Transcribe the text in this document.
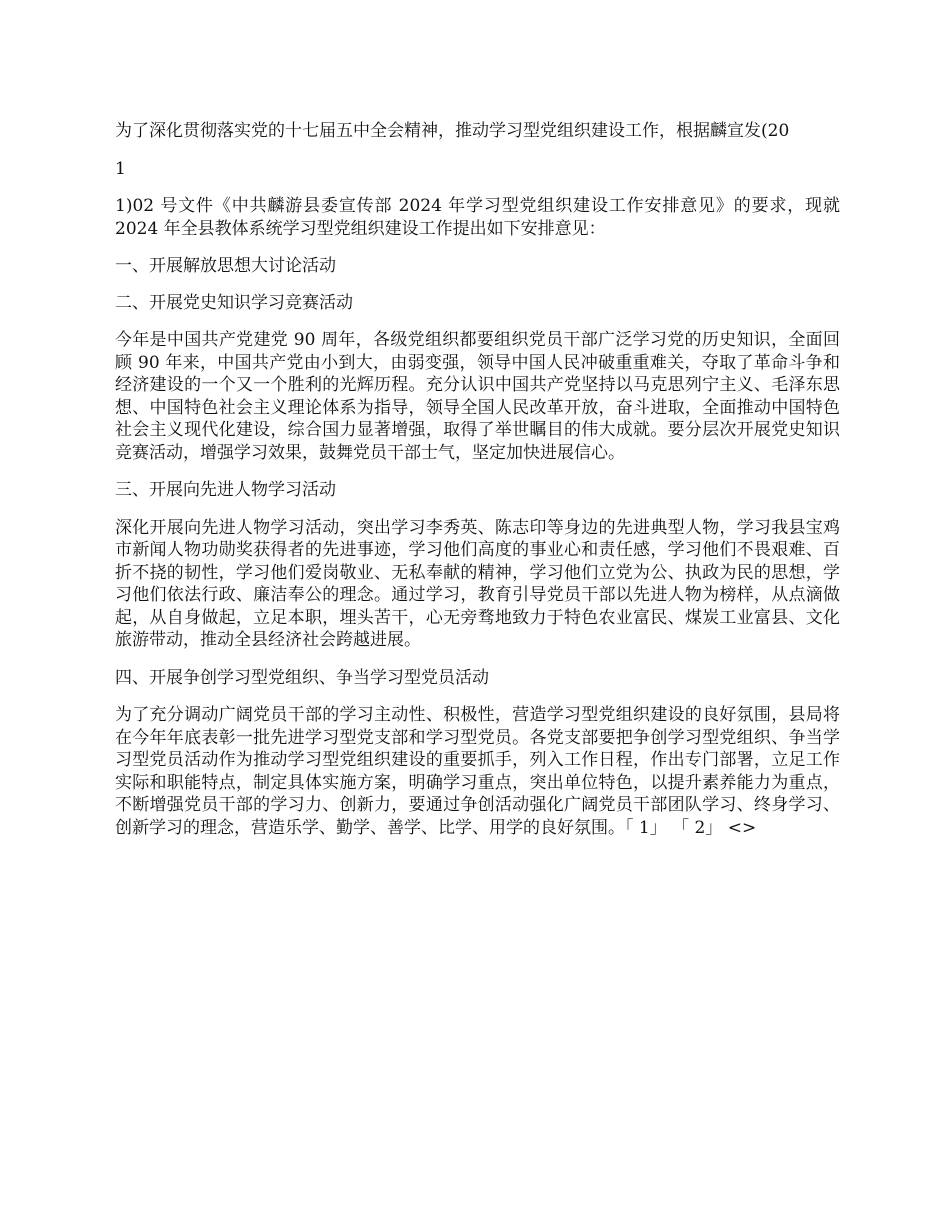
为了深化贯彻落实党的十七届五中全会精神，推动学习型党组织建设工作，根据麟宣发(20

1

1)02 号文件《中共麟游县委宣传部 2024 年学习型党组织建设工作安排意见》的要求，现就 2024 年全县教体系统学习型党组织建设工作提出如下安排意见：

一、开展解放思想大讨论活动

二、开展党史知识学习竞赛活动

今年是中国共产党建党 90 周年，各级党组织都要组织党员干部广泛学习党的历史知识，全面回顾 90 年来，中国共产党由小到大，由弱变强，领导中国人民冲破重重难关，夺取了革命斗争和经济建设的一个又一个胜利的光辉历程。充分认识中国共产党坚持以马克思列宁主义、毛泽东思想、中国特色社会主义理论体系为指导，领导全国人民改革开放，奋斗进取，全面推动中国特色社会主义现代化建设，综合国力显著增强，取得了举世瞩目的伟大成就。要分层次开展党史知识竞赛活动，增强学习效果，鼓舞党员干部士气，坚定加快进展信心。

三、开展向先进人物学习活动

深化开展向先进人物学习活动，突出学习李秀英、陈志印等身边的先进典型人物，学习我县宝鸡市新闻人物功勋奖获得者的先进事迹，学习他们高度的事业心和责任感，学习他们不畏艰难、百折不挠的韧性，学习他们爱岗敬业、无私奉献的精神，学习他们立党为公、执政为民的思想，学习他们依法行政、廉洁奉公的理念。通过学习，教育引导党员干部以先进人物为榜样，从点滴做起，从自身做起，立足本职，埋头苦干，心无旁骛地致力于特色农业富民、煤炭工业富县、文化旅游带动，推动全县经济社会跨越进展。

四、开展争创学习型党组织、争当学习型党员活动

为了充分调动广阔党员干部的学习主动性、积极性，营造学习型党组织建设的良好氛围，县局将在今年年底表彰一批先进学习型党支部和学习型党员。各党支部要把争创学习型党组织、争当学习型党员活动作为推动学习型党组织建设的重要抓手，列入工作日程，作出专门部署，立足工作实际和职能特点，制定具体实施方案，明确学习重点，突出单位特色，以提升素养能力为重点，不断增强党员干部的学习力、创新力，要通过争创活动强化广阔党员干部团队学习、终身学习、创新学习的理念，营造乐学、勤学、善学、比学、用学的良好氛围。「 1」 「 2」 <>
